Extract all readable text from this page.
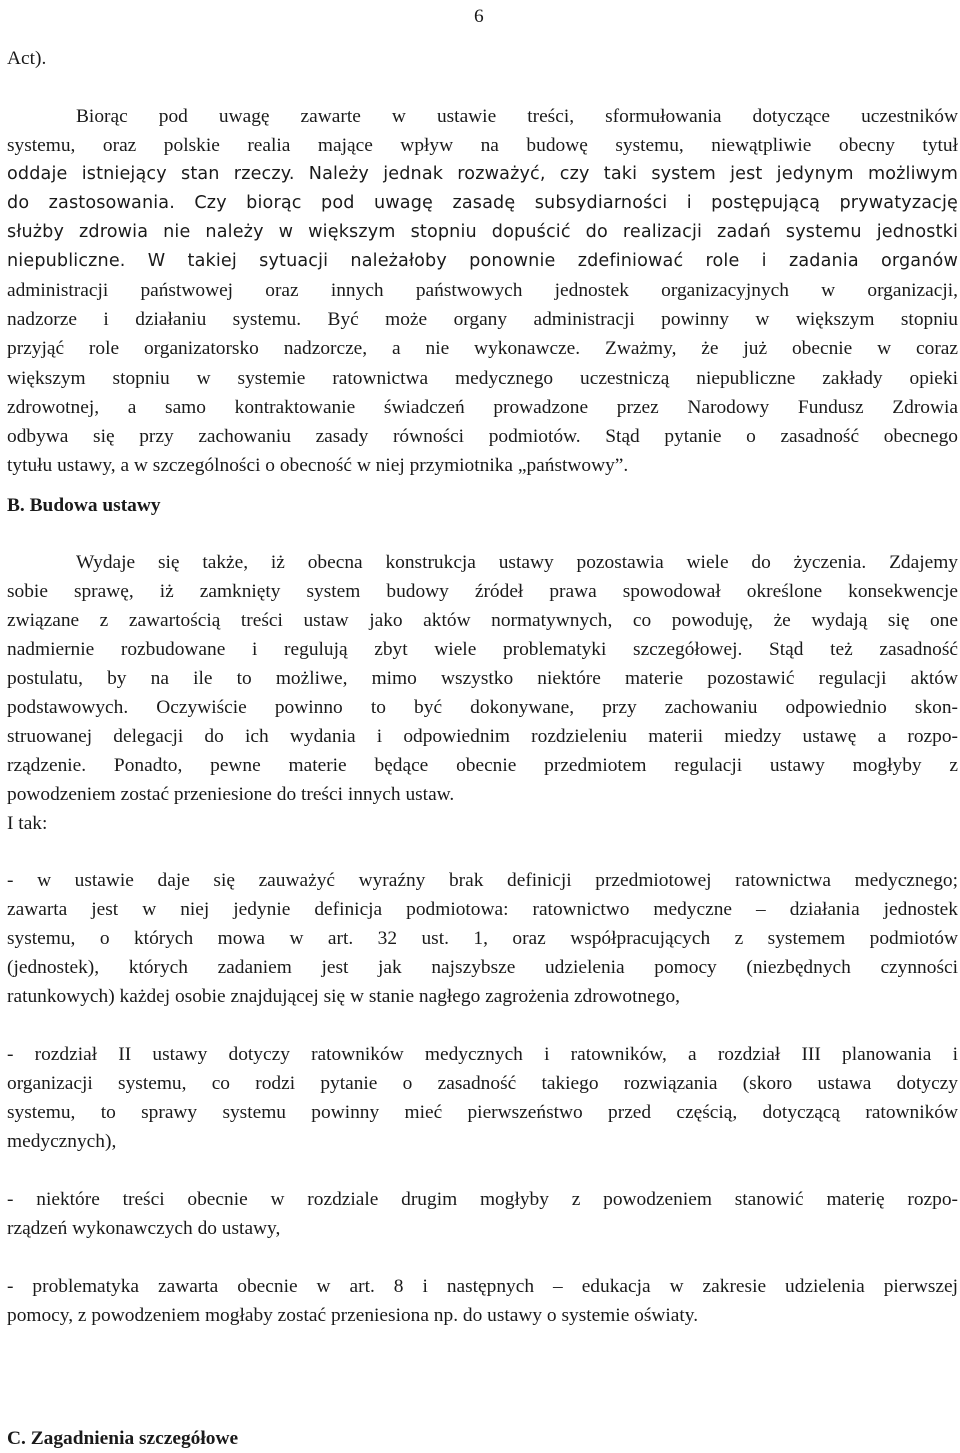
6
Act).
Biorąc pod uwagę zawarte w ustawie treści, sformułowania dotyczące uczestników
systemu, oraz polskie realia mające wpływ na budowę systemu, niewątpliwie obecny tytuł
oddaje istniejący stan rzeczy. Należy jednak rozważyć, czy taki system jest jedynym możliwym
do zastosowania. Czy biorąc pod uwagę zasadę subsydiarności i postępującą prywatyzację
służby zdrowia nie należy w większym stopniu dopuścić do realizacji zadań systemu jednostki
niepubliczne. W takiej sytuacji należałoby ponownie zdefiniować role i zadania organów
administracji państwowej oraz innych państwowych jednostek organizacyjnych w organizacji,
nadzorze i działaniu systemu. Być może organy administracji powinny w większym stopniu
przyjąć role organizatorsko nadzorcze, a nie wykonawcze. Zważmy, że już obecnie w coraz
większym stopniu w systemie ratownictwa medycznego uczestniczą niepubliczne zakłady opieki
zdrowotnej, a samo kontraktowanie świadczeń prowadzone przez Narodowy Fundusz Zdrowia
odbywa się przy zachowaniu zasady równości podmiotów. Stąd pytanie o zasadność obecnego
tytułu ustawy, a w szczególności o obecność w niej przymiotnika „państwowy”.
B. Budowa ustawy
Wydaje się także, iż obecna konstrukcja ustawy pozostawia wiele do życzenia. Zdajemy
sobie sprawę, iż zamknięty system budowy źródeł prawa spowodował określone konsekwencje
związane z zawartością treści ustaw jako aktów normatywnych, co powoduję, że wydają się one
nadmiernie rozbudowane i regulują zbyt wiele problematyki szczegółowej. Stąd też zasadność
postulatu, by na ile to możliwe, mimo wszystko niektóre materie pozostawić regulacji aktów
podstawowych. Oczywiście powinno to być dokonywane, przy zachowaniu odpowiednio skon-
struowanej delegacji do ich wydania i odpowiednim rozdzieleniu materii miedzy ustawę a rozpo-
rządzenie. Ponadto, pewne materie będące obecnie przedmiotem regulacji ustawy mogłyby z
powodzeniem zostać przeniesione do treści innych ustaw.
I tak:
- w ustawie daje się zauważyć wyraźny brak definicji przedmiotowej ratownictwa medycznego;
zawarta jest w niej jedynie definicja podmiotowa: ratownictwo medyczne – działania jednostek
systemu, o których mowa w art. 32 ust. 1, oraz współpracujących z systemem podmiotów
(jednostek), których zadaniem jest jak najszybsze udzielenia pomocy (niezbędnych czynności
ratunkowych) każdej osobie znajdującej się w stanie nagłego zagrożenia zdrowotnego,
- rozdział II ustawy dotyczy ratowników medycznych i ratowników, a rozdział III planowania i
organizacji systemu, co rodzi pytanie o zasadność takiego rozwiązania (skoro ustawa dotyczy
systemu, to sprawy systemu powinny mieć pierwszeństwo przed częścią, dotyczącą ratowników
medycznych),
- niektóre treści obecnie w rozdziale drugim mogłyby z powodzeniem stanowić materię rozpo-
rządzeń wykonawczych do ustawy,
- problematyka zawarta obecnie w art. 8 i następnych – edukacja w zakresie udzielenia pierwszej
pomocy, z powodzeniem mogłaby zostać przeniesiona np. do ustawy o systemie oświaty.
C. Zagadnienia szczegółowe
